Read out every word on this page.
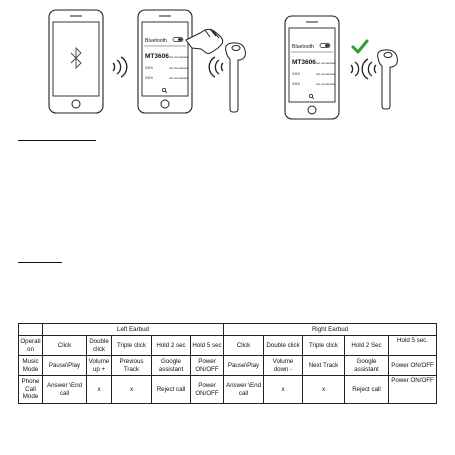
Bluetooth
MT3606 not connected
XXX	not connected
XXX	not connected
Bluetooth
MT3606 not connected
XXX	not connected
XXX	not connected
	Left Earbud					Right Earbud				
Operation	Click	Double click	Triple click	Hold 2 sec	Hold 5 sec	Click	Double click	Triple click	Hold 2 Sec	Hold 5 sec.
Music Mode	Pause\Play	Volume up +	Previous Track	Google assistant	Power ON/OFF	Pause\Play	Volume down -	Next Track	Google assistant	Power ON/OFF
Phone Call Mode	Answer \End call	x	x	Reject call	Power ON/OFF	Answer \End call	x	x	Reject call	Power ON/OFF
